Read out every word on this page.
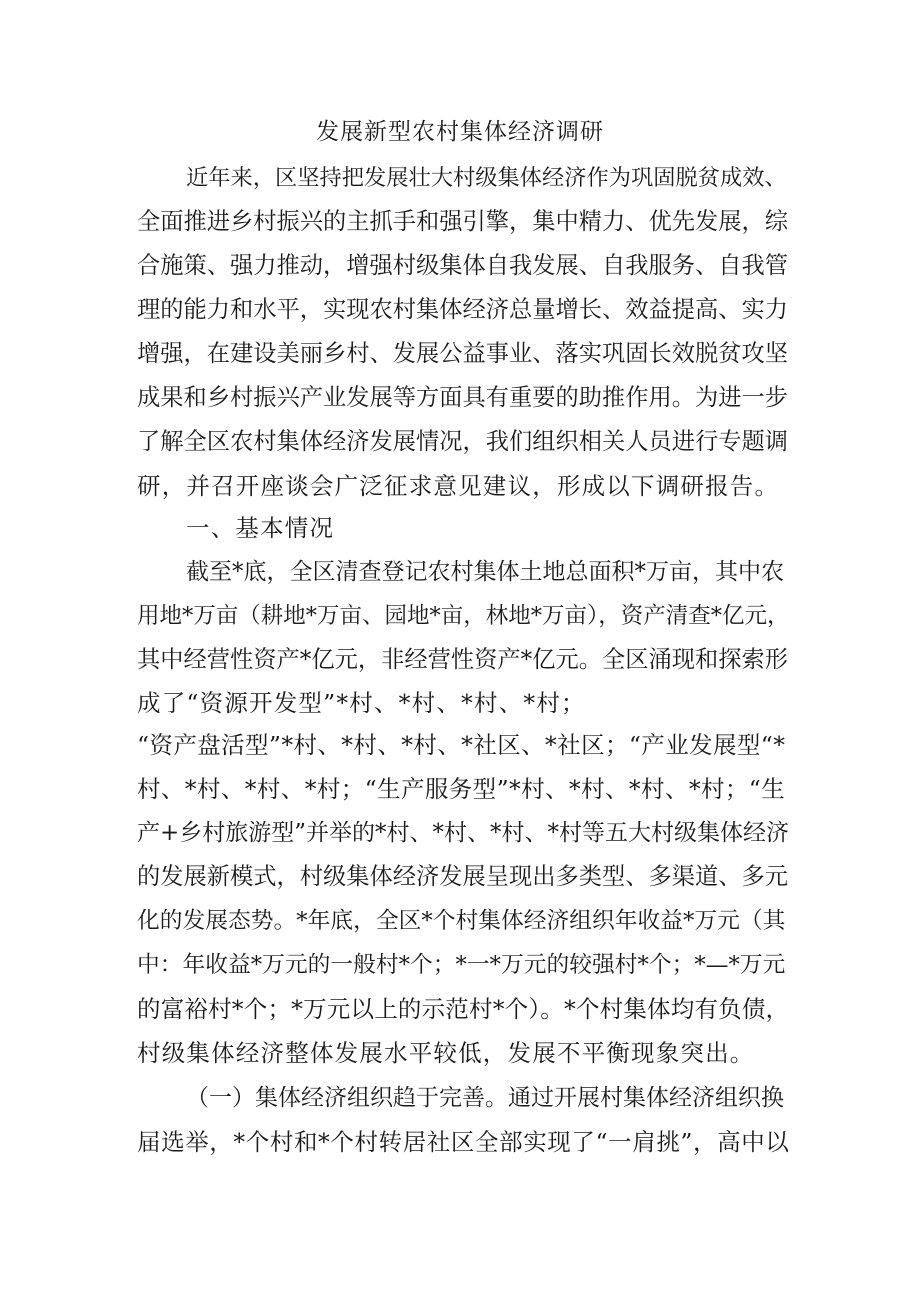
发展新型农村集体经济调研
近年来，区坚持把发展壮大村级集体经济作为巩固脱贫成效、
全面推进乡村振兴的主抓手和强引擎，集中精力、优先发展，综
合施策、强力推动，增强村级集体自我发展、自我服务、自我管
理的能力和水平，实现农村集体经济总量增长、效益提高、实力
增强，在建设美丽乡村、发展公益事业、落实巩固长效脱贫攻坚
成果和乡村振兴产业发展等方面具有重要的助推作用。为进一步
了解全区农村集体经济发展情况，我们组织相关人员进行专题调
研，并召开座谈会广泛征求意见建议，形成以下调研报告。
一、基本情况
截至*底，全区清查登记农村集体土地总面积*万亩，其中农
用地*万亩（耕地*万亩、园地*亩，林地*万亩），资产清查*亿元，
其中经营性资产*亿元，非经营性资产*亿元。全区涌现和探索形
成了“资源开发型”*村、*村、*村、*村；
“资产盘活型”*村、*村、*村、*社区、*社区；“产业发展型“*
村、*村、*村、*村；“生产服务型”*村、*村、*村、*村；“生
产+乡村旅游型”并举的*村、*村、*村、*村等五大村级集体经济
的发展新模式，村级集体经济发展呈现出多类型、多渠道、多元
化的发展态势。*年底，全区*个村集体经济组织年收益*万元（其
中：年收益*万元的一般村*个；*一*万元的较强村*个；*—*万元
的富裕村*个；*万元以上的示范村*个）。*个村集体均有负债，
村级集体经济整体发展水平较低，发展不平衡现象突出。
（一）集体经济组织趋于完善。通过开展村集体经济组织换
届选举，*个村和*个村转居社区全部实现了“一肩挑”，高中以
